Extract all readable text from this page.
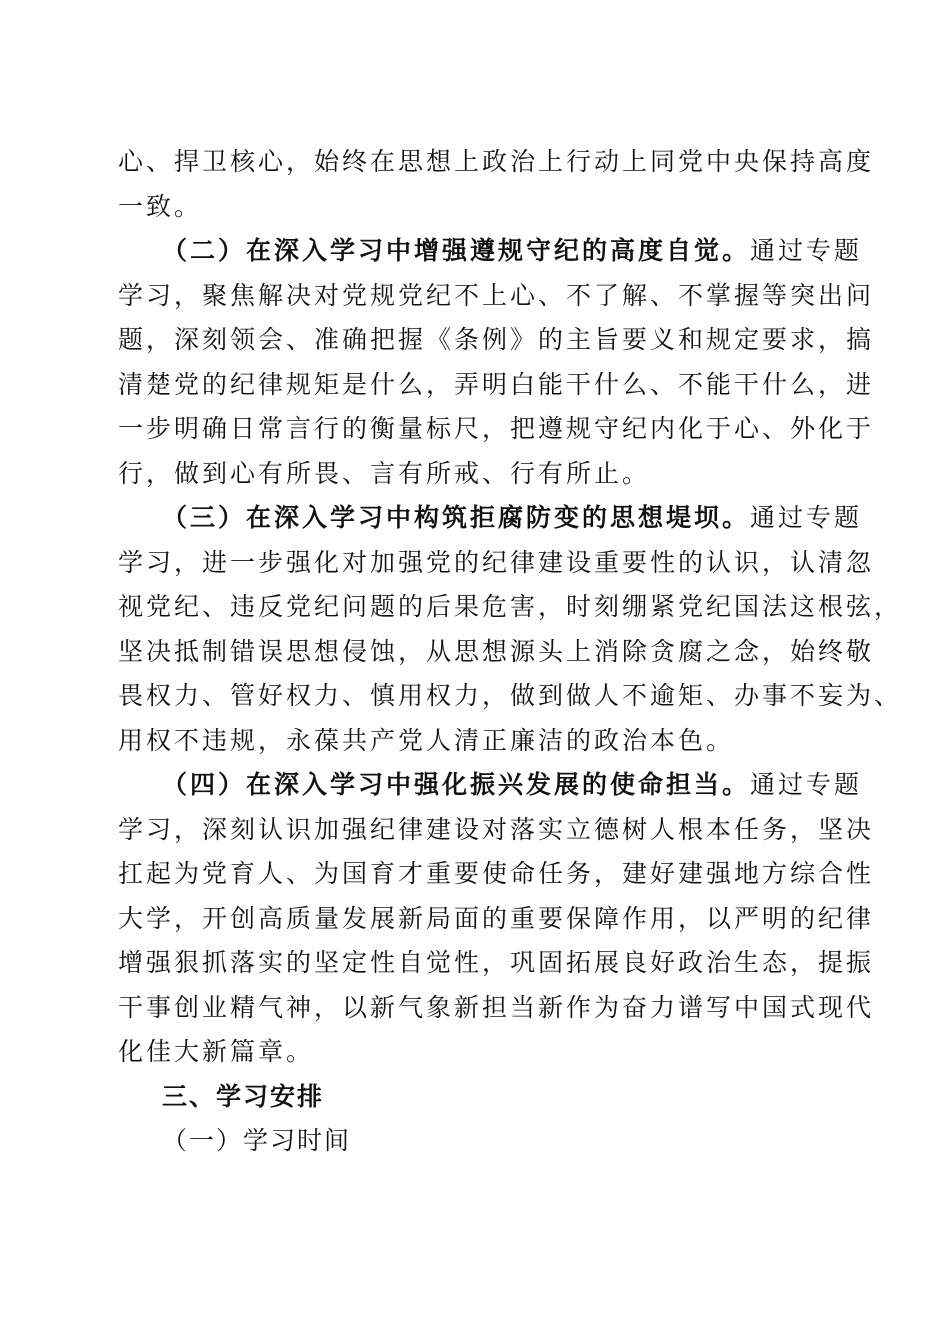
心、捍卫核心，始终在思想上政治上行动上同党中央保持高度
一致。
（二）在深入学习中增强遵规守纪的高度自觉。通过专题
学习，聚焦解决对党规党纪不上心、不了解、不掌握等突出问
题，深刻领会、准确把握《条例》的主旨要义和规定要求，搞
清楚党的纪律规矩是什么，弄明白能干什么、不能干什么，进
一步明确日常言行的衡量标尺，把遵规守纪内化于心、外化于
行，做到心有所畏、言有所戒、行有所止。
（三）在深入学习中构筑拒腐防变的思想堤坝。通过专题
学习，进一步强化对加强党的纪律建设重要性的认识，认清忽
视党纪、违反党纪问题的后果危害，时刻绷紧党纪国法这根弦，
坚决抵制错误思想侵蚀，从思想源头上消除贪腐之念，始终敬
畏权力、管好权力、慎用权力，做到做人不逾矩、办事不妄为、
用权不违规，永葆共产党人清正廉洁的政治本色。
（四）在深入学习中强化振兴发展的使命担当。通过专题
学习，深刻认识加强纪律建设对落实立德树人根本任务，坚决
扛起为党育人、为国育才重要使命任务，建好建强地方综合性
大学，开创高质量发展新局面的重要保障作用，以严明的纪律
增强狠抓落实的坚定性自觉性，巩固拓展良好政治生态，提振
干事创业精气神，以新气象新担当新作为奋力谱写中国式现代
化佳大新篇章。
三、学习安排
（一）学习时间
